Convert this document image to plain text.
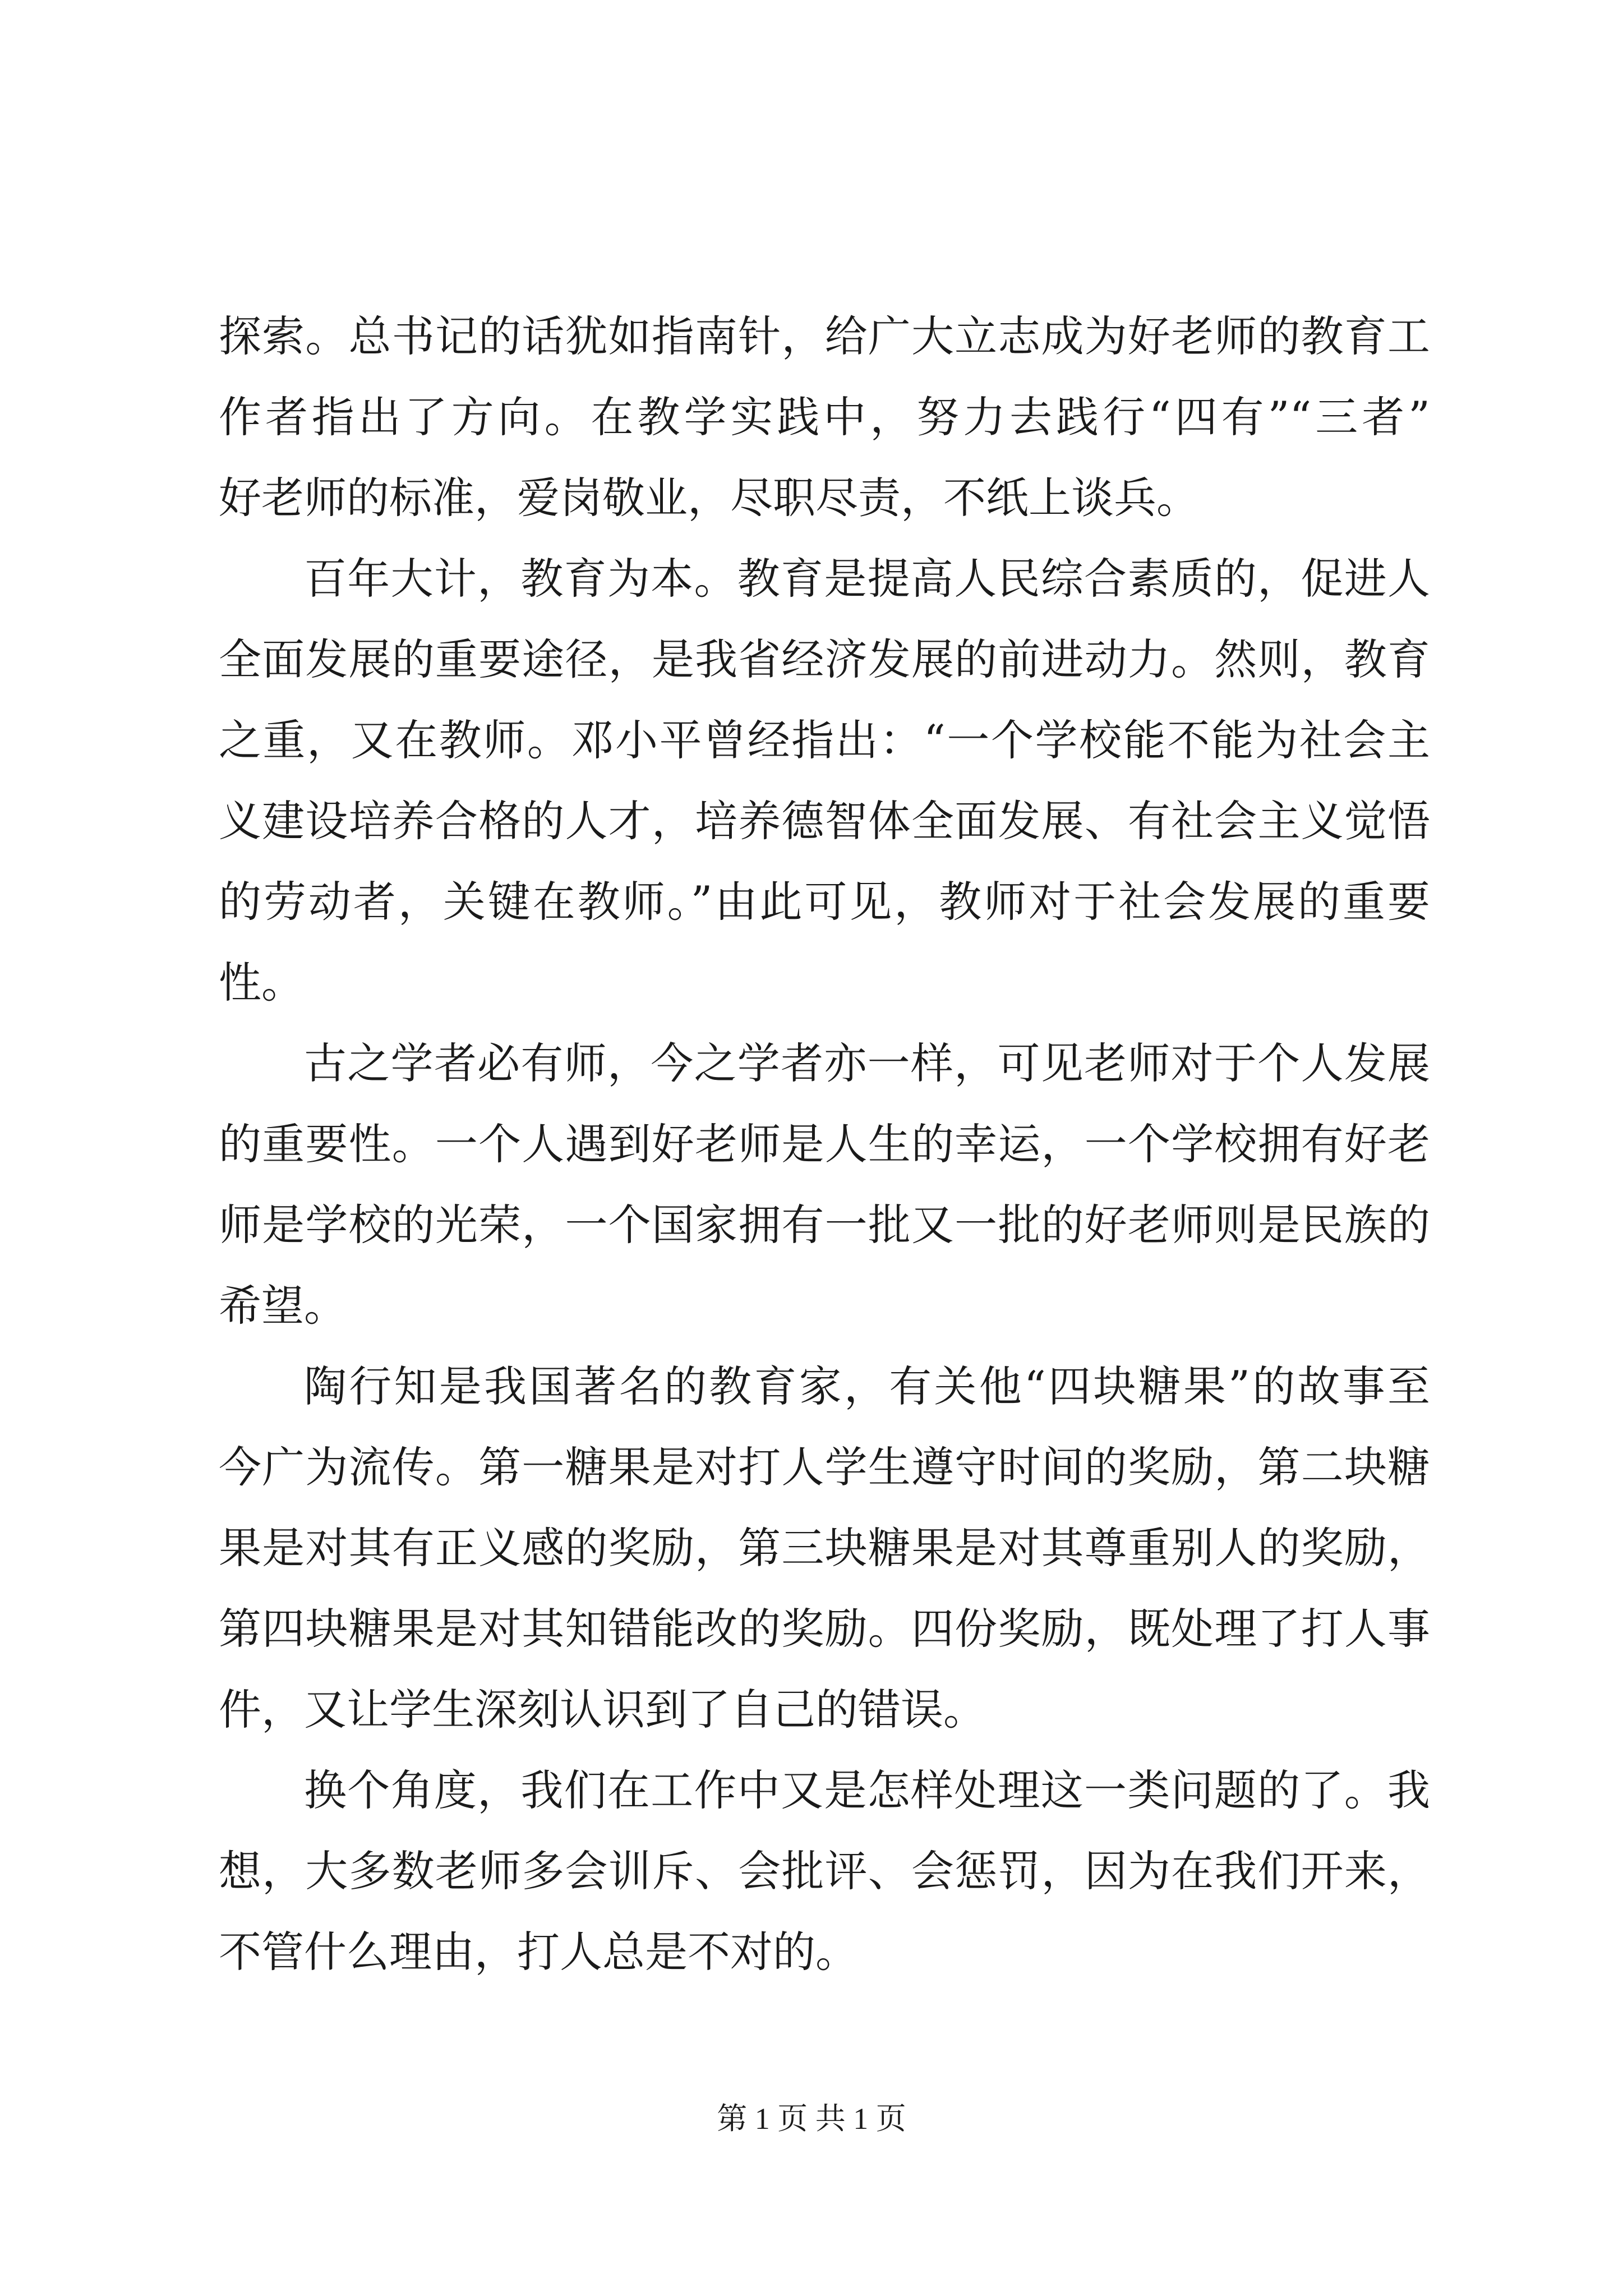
探索。总书记的话犹如指南针，给广大立志成为好老师的教育工
作者指出了方向。在教学实践中，努力去践行“四有”“三者”
好老师的标准，爱岗敬业，尽职尽责，不纸上谈兵。
百年大计，教育为本。教育是提高人民综合素质的，促进人
全面发展的重要途径，是我省经济发展的前进动力。然则，教育
之重，又在教师。邓小平曾经指出：“一个学校能不能为社会主
义建设培养合格的人才，培养德智体全面发展、有社会主义觉悟
的劳动者，关键在教师。”由此可见，教师对于社会发展的重要
性。
古之学者必有师，今之学者亦一样，可见老师对于个人发展
的重要性。一个人遇到好老师是人生的幸运，一个学校拥有好老
师是学校的光荣，一个国家拥有一批又一批的好老师则是民族的
希望。
陶行知是我国著名的教育家，有关他“四块糖果”的故事至
今广为流传。第一糖果是对打人学生遵守时间的奖励，第二块糖
果是对其有正义感的奖励，第三块糖果是对其尊重别人的奖励，
第四块糖果是对其知错能改的奖励。四份奖励，既处理了打人事
件，又让学生深刻认识到了自己的错误。
换个角度，我们在工作中又是怎样处理这一类问题的了。我
想，大多数老师多会训斥、会批评、会惩罚，因为在我们开来，
不管什么理由，打人总是不对的。
第 1 页 共 1 页
